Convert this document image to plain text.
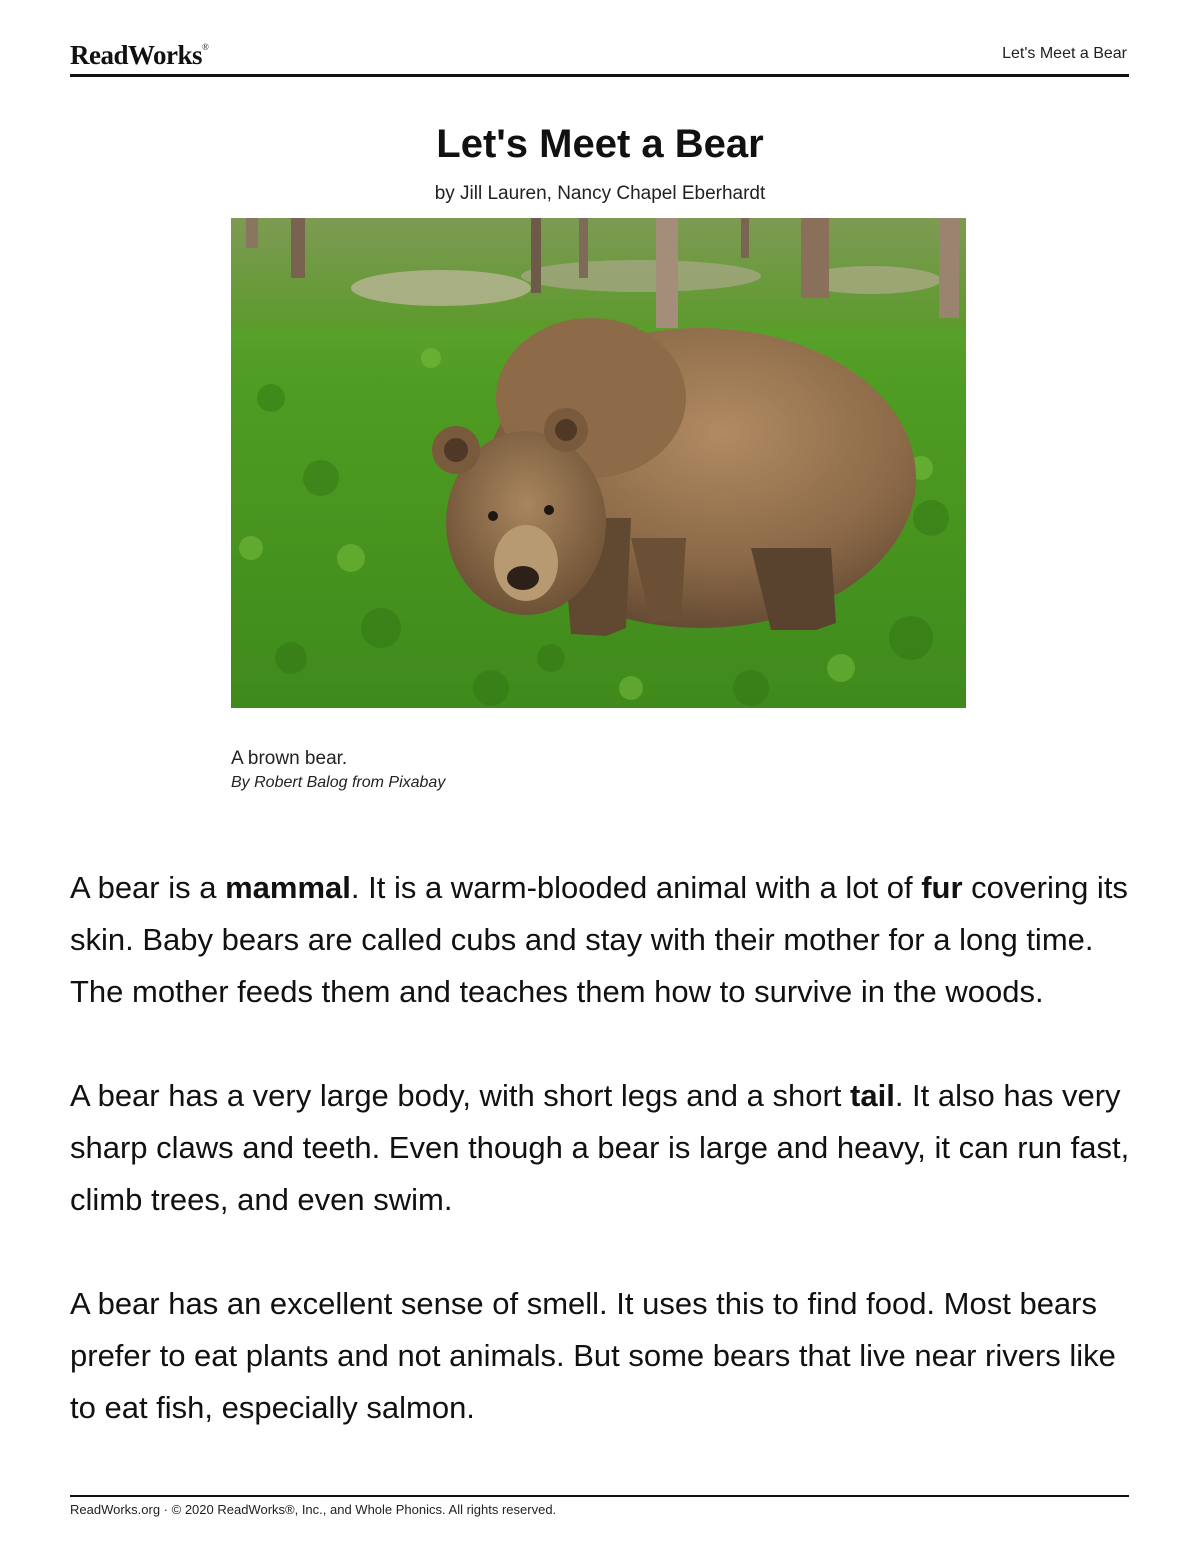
ReadWorks®	Let's Meet a Bear
Let's Meet a Bear
by Jill Lauren, Nancy Chapel Eberhardt
A brown bear.
By Robert Balog from Pixabay

A bear is a mammal. It is a warm-blooded animal with a lot of fur covering its skin. Baby bears are called cubs and stay with their mother for a long time. The mother feeds them and teaches them how to survive in the woods.

A bear has a very large body, with short legs and a short tail. It also has very sharp claws and teeth. Even though a bear is large and heavy, it can run fast, climb trees, and even swim.

A bear has an excellent sense of smell. It uses this to find food. Most bears prefer to eat plants and not animals. But some bears that live near rivers like to eat fish, especially salmon.

ReadWorks.org · © 2020 ReadWorks®, Inc., and Whole Phonics. All rights reserved.
